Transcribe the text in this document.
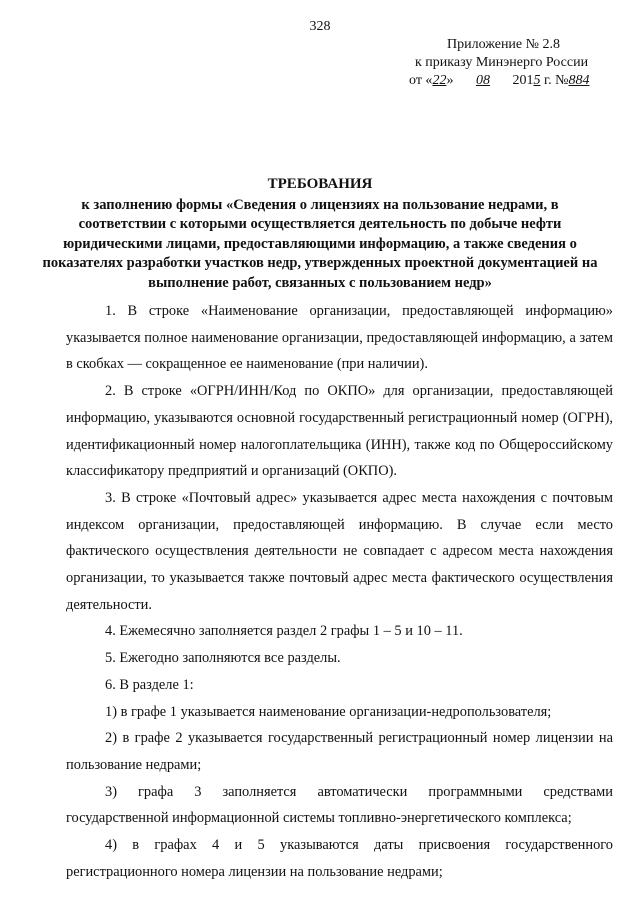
328
Приложение № 2.8
к приказу Минэнерго России
от «22» 08 2015 г. №884
ТРЕБОВАНИЯ
к заполнению формы «Сведения о лицензиях на пользование недрами, в соответствии с которыми осуществляется деятельность по добыче нефти юридическими лицами, предоставляющими информацию, а также сведения о показателях разработки участков недр, утвержденных проектной документацией на выполнение работ, связанных с пользованием недр»

1. В строке «Наименование организации, предоставляющей информацию» указывается полное наименование организации, предоставляющей информацию, а затем в скобках — сокращенное ее наименование (при наличии).

2. В строке «ОГРН/ИНН/Код по ОКПО» для организации, предоставляющей информацию, указываются основной государственный регистрационный номер (ОГРН), идентификационный номер налогоплательщика (ИНН), также код по Общероссийскому классификатору предприятий и организаций (ОКПО).

3. В строке «Почтовый адрес» указывается адрес места нахождения с почтовым индексом организации, предоставляющей информацию. В случае если место фактического осуществления деятельности не совпадает с адресом места нахождения организации, то указывается также почтовый адрес места фактического осуществления деятельности.

4. Ежемесячно заполняется раздел 2 графы 1 – 5 и 10 – 11.

5. Ежегодно заполняются все разделы.

6. В разделе 1:

1) в графе 1 указывается наименование организации-недропользователя;

2) в графе 2 указывается государственный регистрационный номер лицензии на пользование недрами;

3) графа 3 заполняется автоматически программными средствами государственной информационной системы топливно-энергетического комплекса;

4) в графах 4 и 5 указываются даты присвоения государственного регистрационного номера лицензии на пользование недрами;
